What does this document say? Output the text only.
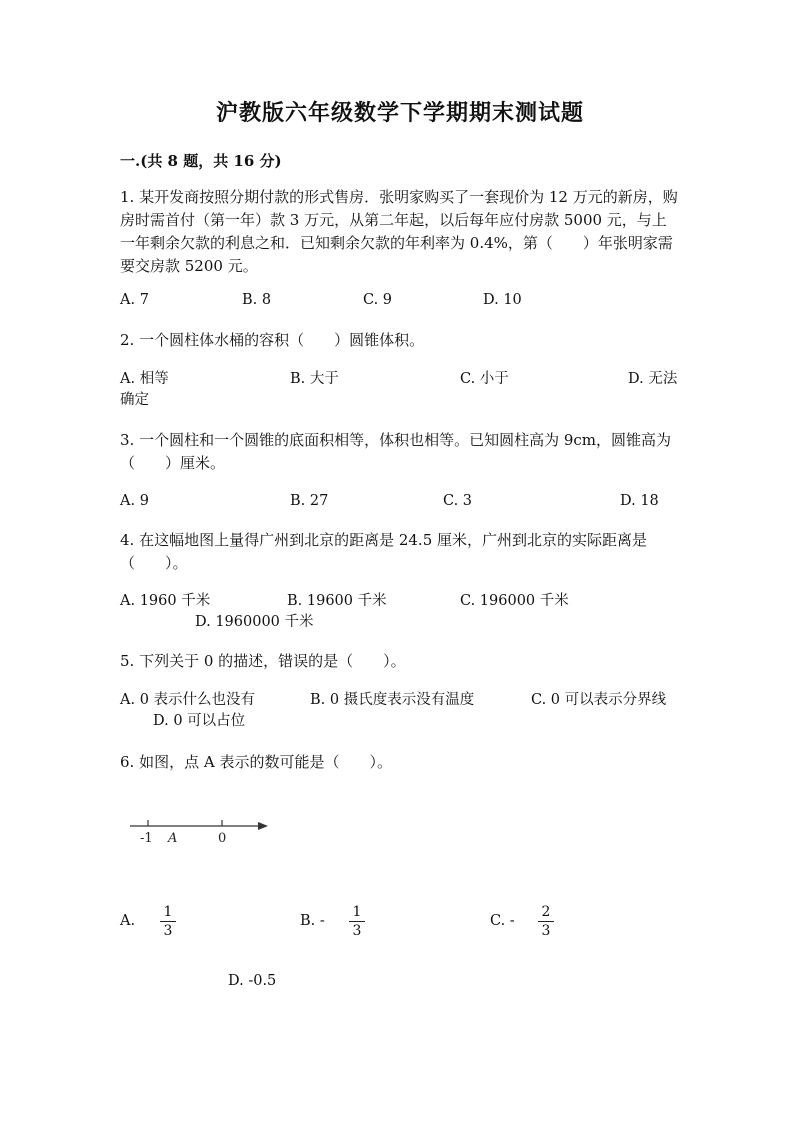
沪教版六年级数学下学期期末测试题
一.(共 8 题，共 16 分)
1. 某开发商按照分期付款的形式售房．张明家购买了一套现价为 12 万元的新房，购房时需首付（第一年）款 3 万元，从第二年起，以后每年应付房款 5000 元，与上一年剩余欠款的利息之和．已知剩余欠款的年利率为 0.4%，第（　　）年张明家需要交房款 5200 元。
A. 7	B. 8	C. 9	D. 10
2. 一个圆柱体水桶的容积（　　）圆锥体积。
A. 相等	B. 大于	C. 小于	D. 无法
确定
3. 一个圆柱和一个圆锥的底面积相等，体积也相等。已知圆柱高为 9cm，圆锥高为（　　）厘米。
A. 9	B. 27	C. 3	D. 18
4. 在这幅地图上量得广州到北京的距离是 24.5 厘米，广州到北京的实际距离是（　　）。
A. 1960 千米	B. 19600 千米	C. 196000 千米
D. 1960000 千米
5. 下列关于 0 的描述，错误的是（　　）。
A. 0 表示什么也没有	B. 0 摄氏度表示没有温度	C. 0 可以表示分界线
D. 0 可以占位
6. 如图，点 A 表示的数可能是（　　）。
-1 A	0
A.
1
3
B. -
1
3
C. -
2
3
D. -0.5
